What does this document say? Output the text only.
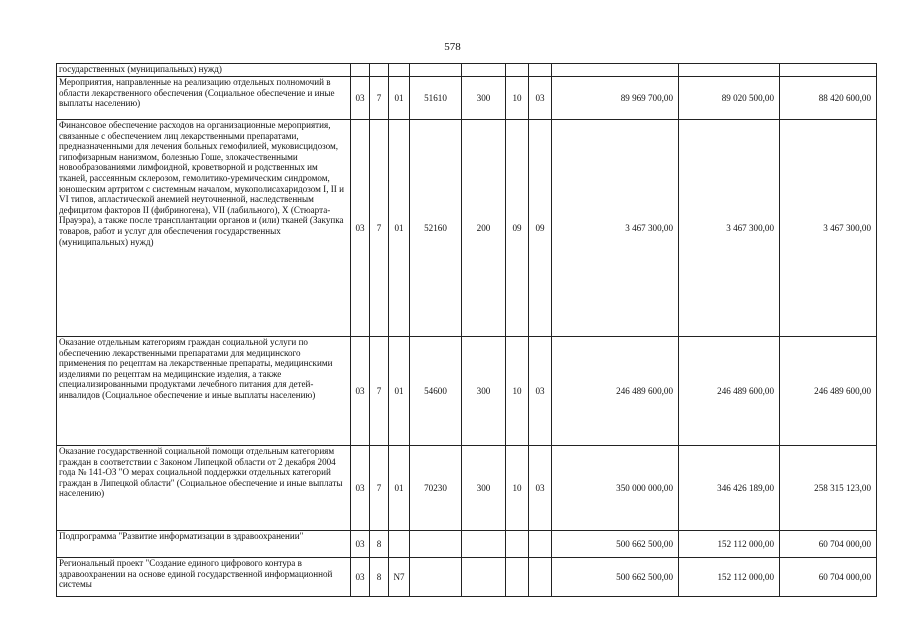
578
государственных (муниципальных) нужд)										
Мероприятия, направленные на реализацию отдельных полномочий в области лекарственного обеспечения (Социальное обеспечение и иные выплаты населению)	03	7	01	51610	300	10	03	89 969 700,00	89 020 500,00	88 420 600,00
Финансовое обеспечение расходов на организационные мероприятия, связанные с обеспечением лиц лекарственными препаратами, предназначенными для лечения больных гемофилией, муковисцидозом, гипофизарным нанизмом, болезнью Гоше, злокачественными новообразованиями лимфоидной, кроветворной и родственных им тканей, рассеянным склерозом, гемолитико-уремическим синдромом, юношеским артритом с системным началом, мукополисахаридозом I, II и VI типов, апластической анемией неуточненной, наследственным дефицитом факторов II (фибриногена), VII (лабильного), X (Стюарта-Прауэра), а также после трансплантации органов и (или) тканей (Закупка товаров, работ и услуг для обеспечения государственных (муниципальных) нужд)	03	7	01	52160	200	09	09	3 467 300,00	3 467 300,00	3 467 300,00
Оказание отдельным категориям граждан социальной услуги по обеспечению лекарственными препаратами для медицинского применения по рецептам на лекарственные препараты, медицинскими изделиями по рецептам на медицинские изделия, а также специализированными продуктами лечебного питания для детей-инвалидов (Социальное обеспечение и иные выплаты населению)	03	7	01	54600	300	10	03	246 489 600,00	246 489 600,00	246 489 600,00
Оказание государственной социальной помощи отдельным категориям граждан в соответствии с Законом Липецкой области от 2 декабря 2004 года № 141-ОЗ "О мерах социальной поддержки отдельных категорий граждан в Липецкой области" (Социальное обеспечение и иные выплаты населению)	03	7	01	70230	300	10	03	350 000 000,00	346 426 189,00	258 315 123,00
Подпрограмма "Развитие информатизации в здравоохранении"	03	8						500 662 500,00	152 112 000,00	60 704 000,00
Региональный проект "Создание единого цифрового контура в здравоохранении на основе единой государственной информационной системы	03	8	N7					500 662 500,00	152 112 000,00	60 704 000,00
